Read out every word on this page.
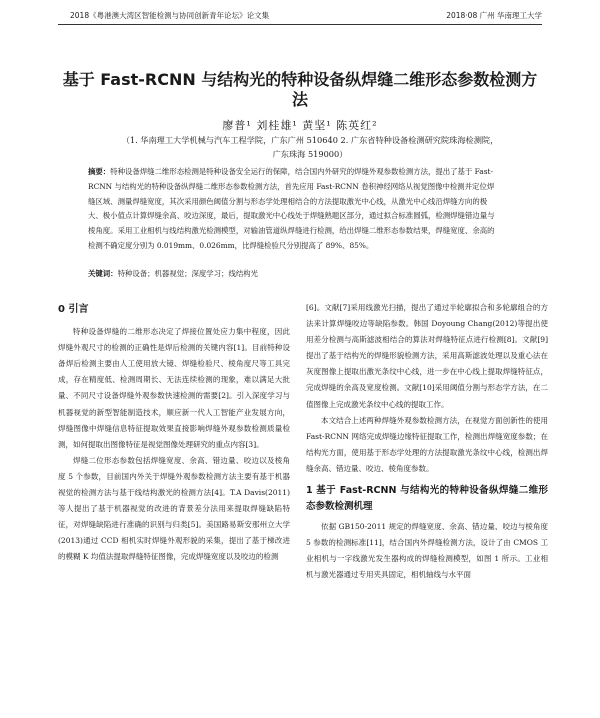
2018《粤港澳大湾区智能检测与协同创新青年论坛》论文集	2018·08 广州 华南理工大学
基于 Fast-RCNN 与结构光的特种设备纵焊缝二维形态参数检测方法
廖普¹ 刘桂雄¹ 黄坚¹ 陈英红²
（1. 华南理工大学机械与汽车工程学院，广东广州 510640 2. 广东省特种设备检测研究院珠海检测院，
广东珠海 519000）
摘要：特种设备焊缝二维形态检测是特种设备安全运行的保障，结合国内外研究的焊缝外观参数检测方法，提出了基于 Fast-RCNN 与结构光的特种设备纵焊缝二维形态参数检测方法，首先应用 Fast-RCNN 卷积神经网络从视觉图像中检测并定位焊缝区域、测量焊缝宽度，其次采用颜色阈值分割与形态学处理相结合的方法提取激光中心线，从激光中心线沿焊缝方向的极大、极小值点计算焊缝余高、咬边深度，最后，提取激光中心线处于焊缝熟题区部分，通过拟合标准圆弧，检测焊缝错边量与棱角度。采用工业相机与线结构激光检测模型，对输油管道纵焊缝进行检测，给出焊缝二维形态参数结果，焊缝宽度、余高的检测不确定度分别为 0.019mm、0.026mm，比焊缝检验尺分别提高了 89%、85%。
关键词：特种设备；机器视觉；深度学习；线结构光
0 引言

特种设备焊缝的二维形态决定了焊接位置处应力集中程度，因此焊缝外观尺寸的检测的正确性是焊后检测的关键内容[1]。目前特种设备焊后检测主要由人工使用放大镜、焊缝检验尺、棱角度尺等工具完成，存在精度低、检测周期长、无法连续检测的现象，难以满足大批量、不同尺寸设备焊缝外观参数快速检测的需要[2]。引入深度学习与机器视觉的新型智能制造技术，顺应新一代人工智能产业发展方向，焊缝图像中焊缝信息特征提取效果直接影响焊缝外观参数检测质量检测，如何提取出图像特征是视觉图像处理研究的重点内容[3]。

焊缝二位形态参数包括焊缝宽度、余高、错边量、咬边以及棱角度 5 个参数，目前国内外关于焊缝外观参数检测方法主要有基于机器视觉的检测方法与基于线结构激光的检测方法[4]。T.A Davis(2011)等人提出了基于机器视觉的改进的背景差分法用来提取焊缝缺陷特征，对焊缝缺陷进行准确的识别与归类[5]。美国路易斯安那州立大学(2013)通过 CCD 相机实时焊缝外观形貌的采集，提出了基于梯改进的模糊 K 均值法提取焊缝特征图像，完成焊缝宽度以及咬边的检测

[6]。文献[7]采用线激光扫描，提出了通过半轮廓拟合和多轮廓组合的方法来计算焊缝咬边等缺陷参数。韩国 Doyoung Chang(2012)等提出使用差分检测与高斯滤波相结合的算法对焊缝特征点进行检测[8]。文献[9]提出了基于结构光的焊缝形貌检测方法，采用高斯滤波处理以及重心法在灰度图像上提取出激光条纹中心线，进一步在中心线上提取焊缝特征点，完成焊缝的余高及宽度检测。文献[10]采用阈值分割与形态学方法，在二值图像上完成激光条纹中心线的提取工作。

本文结合上述两种焊缝外观参数检测方法，在视觉方面创新性的使用 Fast-RCNN 网络完成焊缝边缘特征提取工作，检测出焊缝宽度参数；在结构光方面，使用基于形态学处理的方法提取激光条纹中心线，检测出焊缝余高、错边量、咬边、棱角度参数。

1 基于 Fast-RCNN 与结构光的特种设备纵焊缝二维形态参数检测机理

依据 GB150-2011 规定的焊缝宽度、余高、错边量、咬边与棱角度 5 参数的检测标准[11]，结合国内外焊缝检测方法，设计了由 CMOS 工业相机与一字线激光发生器构成的焊缝检测模型，如图 1 所示。工业相机与激光器通过专用夹具固定，相机轴线与水平面
